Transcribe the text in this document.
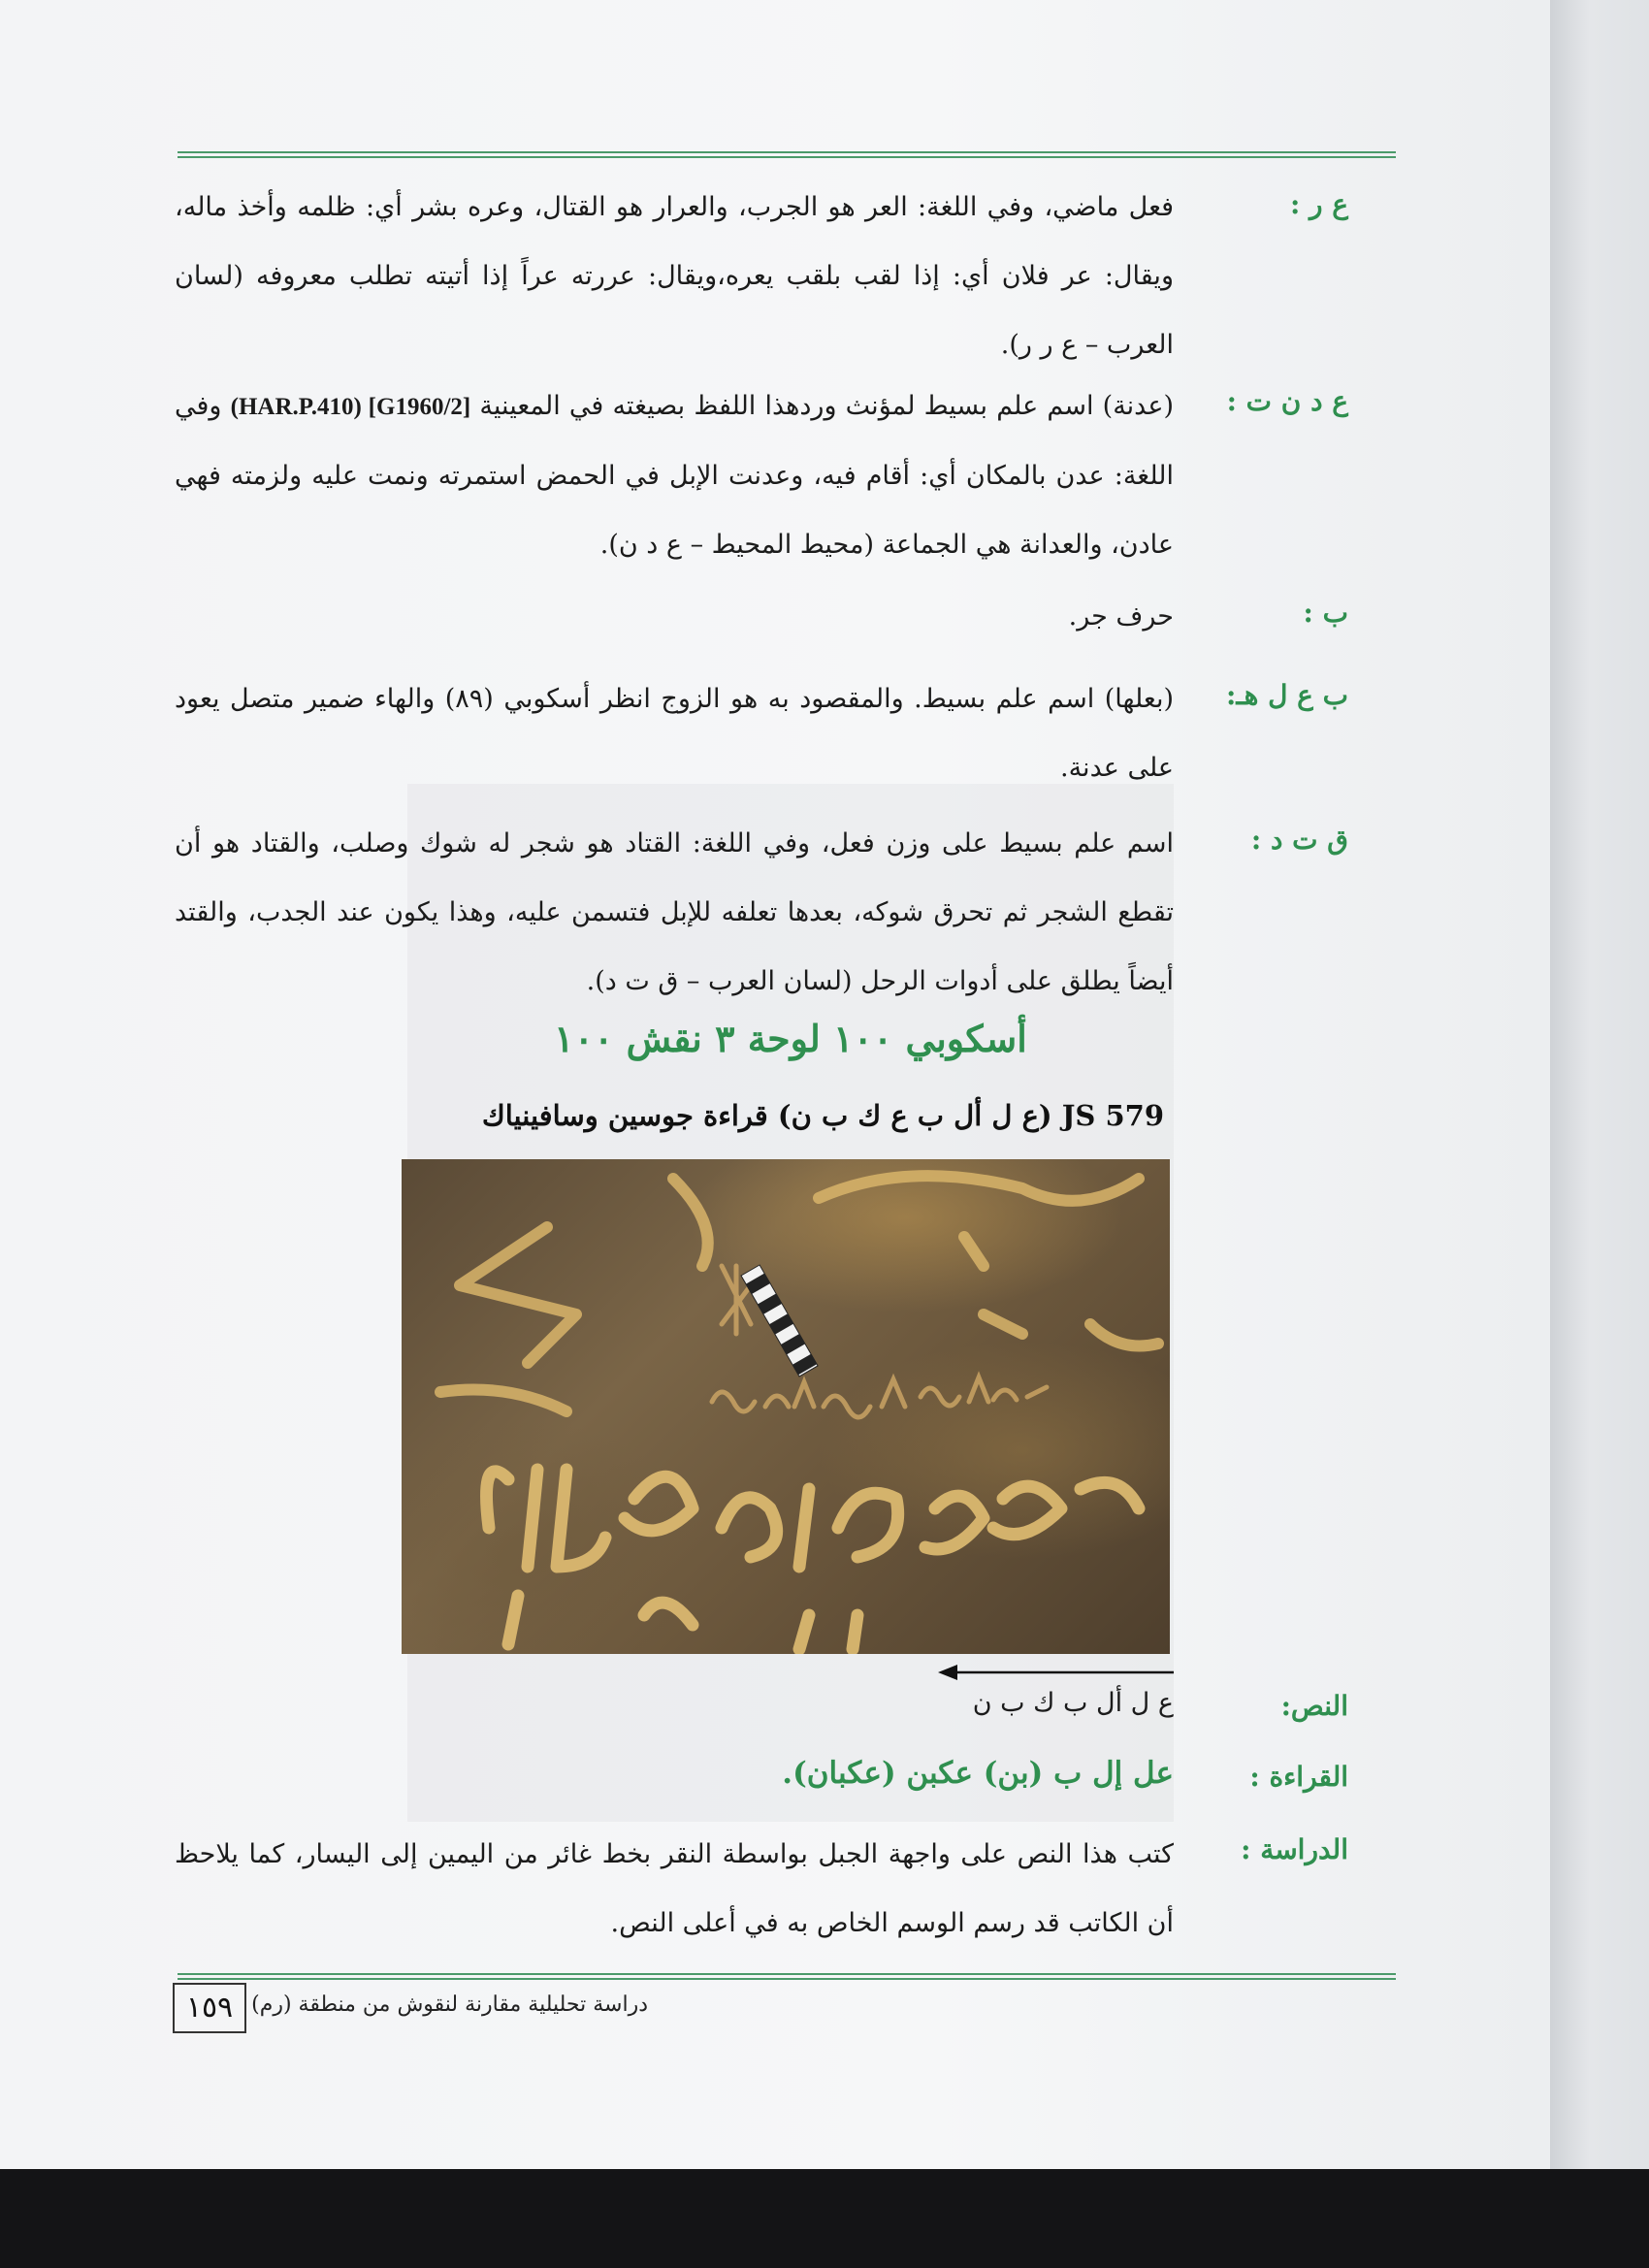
ع ر :
فعل ماضي، وفي اللغة: العر هو الجرب، والعرار هو القتال، وعره بشر أي: ظلمه وأخذ ماله، ويقال: عر فلان أي: إذا لقب بلقب يعره،ويقال: عررته عراً إذا أتيته تطلب معروفه (لسان العرب – ع ر ر).
ع د ن ت :
(عدنة) اسم علم بسيط لمؤنث وردهذا اللفظ بصيغته في المعينية [G1960/2] (HAR.P.410) وفي اللغة: عدن بالمكان أي: أقام فيه، وعدنت الإبل في الحمض استمرته ونمت عليه ولزمته فهي عادن، والعدانة هي الجماعة (محيط المحيط – ع د ن).
ب :
حرف جر.
ب ع ل هـ:
(بعلها) اسم علم بسيط. والمقصود به هو الزوج انظر أسكوبي (٨٩) والهاء ضمير متصل يعود على عدنة.
ق ت د :
اسم علم بسيط على وزن فعل، وفي اللغة: القتاد هو شجر له شوك وصلب، والقتاد هو أن تقطع الشجر ثم تحرق شوكه، بعدها تعلفه للإبل فتسمن عليه، وهذا يكون عند الجدب، والقتد أيضاً يطلق على أدوات الرحل (لسان العرب – ق ت د).
أسكوبي ١٠٠ لوحة ٣ نقش ١٠٠
JS 579 (ع ل أل ب ع ك ب ن) قراءة جوسين وسافينياك
النص:
ع ل أل ب ك ب ن
القراءة :
عل إل ب (بن) عكبن (عكبان).
الدراسة :
كتب هذا النص على واجهة الجبل بواسطة النقر بخط غائر من اليمين إلى اليسار، كما يلاحظ أن الكاتب قد رسم الوسم الخاص به في أعلى النص.
دراسة تحليلية مقارنة لنقوش من منطقة (رم)
١٥٩
